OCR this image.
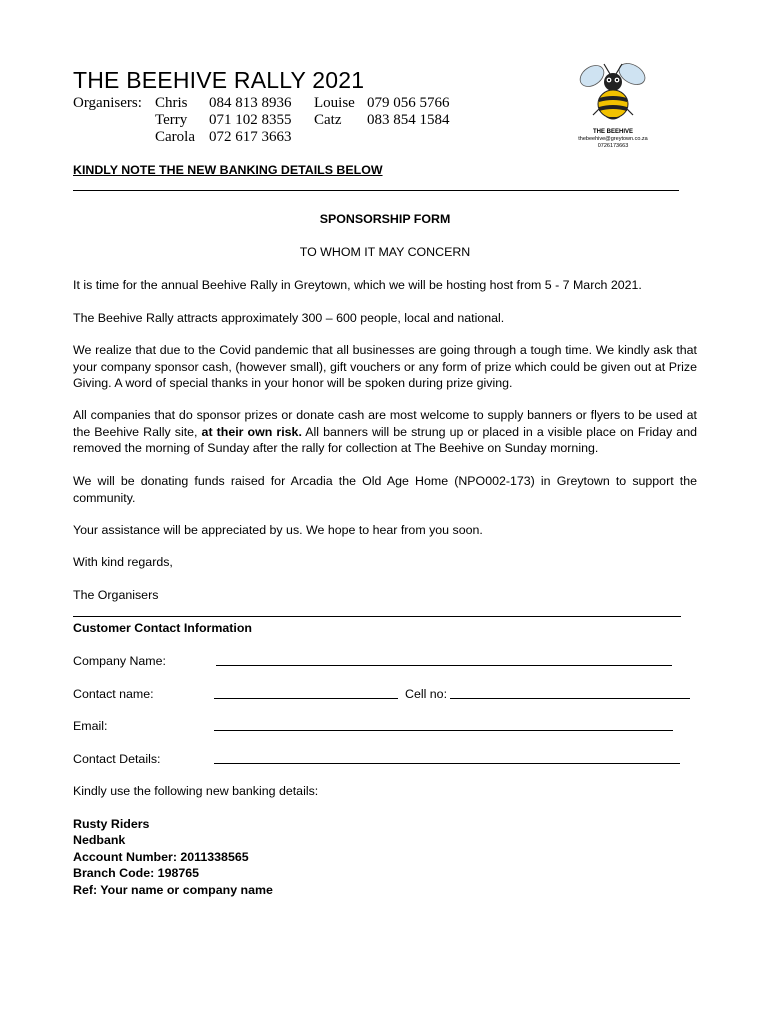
THE BEEHIVE RALLY 2021
Organisers: Chris 084 813 8936 Louise 079 056 5766
Terry 071 102 8355 Catz 083 854 1584
Carola 072 617 3663	THE BEEHIVE
thebeehive@greytown.co.za
0726173663
KINDLY NOTE THE NEW BANKING DETAILS BELOW
SPONSORSHIP FORM
TO WHOM IT MAY CONCERN
It is time for the annual Beehive Rally in Greytown, which we will be hosting host from 5 - 7 March 2021.
The Beehive Rally attracts approximately 300 – 600 people, local and national.
We realize that due to the Covid pandemic that all businesses are going through a tough time. We kindly ask that your company sponsor cash, (however small), gift vouchers or any form of prize which could be given out at Prize Giving. A word of special thanks in your honor will be spoken during prize giving.
All companies that do sponsor prizes or donate cash are most welcome to supply banners or flyers to be used at the Beehive Rally site, at their own risk. All banners will be strung up or placed in a visible place on Friday and removed the morning of Sunday after the rally for collection at The Beehive on Sunday morning.
We will be donating funds raised for Arcadia the Old Age Home (NPO002-173) in Greytown to support the community.
Your assistance will be appreciated by us. We hope to hear from you soon.
With kind regards,
The Organisers
Customer Contact Information
Company Name:
Contact name:	Cell no:
Email:
Contact Details:
Kindly use the following new banking details:
Rusty Riders
Nedbank
Account Number: 2011338565
Branch Code: 198765
Ref: Your name or company name
